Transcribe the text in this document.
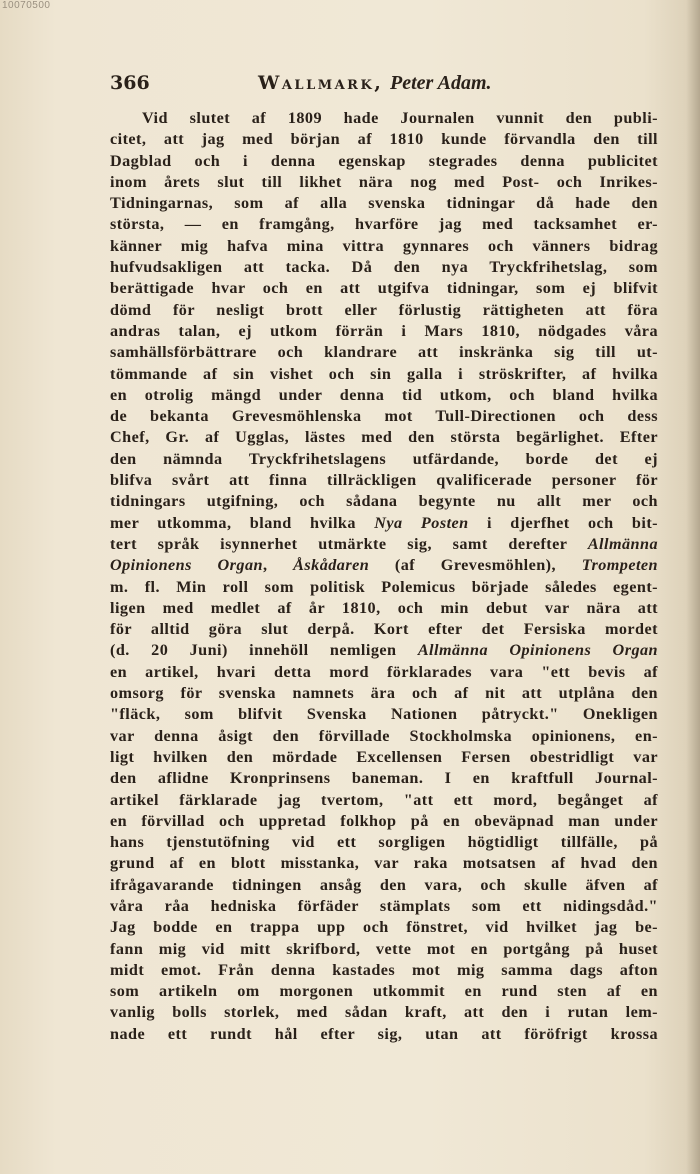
10070500
366	Wallmark, Peter Adam.
Vid slutet af 1809 hade Journalen vunnit den publi-
citet, att jag med början af 1810 kunde förvandla den till
Dagblad och i denna egenskap stegrades denna publicitet
inom årets slut till likhet nära nog med Post- och Inrikes-
Tidningarnas, som af alla svenska tidningar då hade den
största, — en framgång, hvarföre jag med tacksamhet er-
känner mig hafva mina vittra gynnares och vänners bidrag
hufvudsakligen att tacka. Då den nya Tryckfrihetslag, som
berättigade hvar och en att utgifva tidningar, som ej blifvit
dömd för nesligt brott eller förlustig rättigheten att föra
andras talan, ej utkom förrän i Mars 1810, nödgades våra
samhällsförbättrare och klandrare att inskränka sig till ut-
tömmande af sin vishet och sin galla i ströskrifter, af hvilka
en otrolig mängd under denna tid utkom, och bland hvilka
de bekanta Grevesmöhlenska mot Tull-Directionen och dess
Chef, Gr. af Ugglas, lästes med den största begärlighet. Efter
den nämnda Tryckfrihetslagens utfärdande, borde det ej
blifva svårt att finna tillräckligen qvalificerade personer för
tidningars utgifning, och sådana begynte nu allt mer och
mer utkomma, bland hvilka Nya Posten i djerfhet och bit-
tert språk isynnerhet utmärkte sig, samt derefter Allmänna
Opinionens Organ, Åskådaren (af Grevesmöhlen), Trompeten
m. fl. Min roll som politisk Polemicus började således egent-
ligen med medlet af år 1810, och min debut var nära att
för alltid göra slut derpå. Kort efter det Fersiska mordet
(d. 20 Juni) innehöll nemligen Allmänna Opinionens Organ
en artikel, hvari detta mord förklarades vara "ett bevis af
omsorg för svenska namnets ära och af nit att utplåna den
"fläck, som blifvit Svenska Nationen påtryckt." Onekligen
var denna åsigt den förvillade Stockholmska opinionens, en-
ligt hvilken den mördade Excellensen Fersen obestridligt var
den aflidne Kronprinsens baneman. I en kraftfull Journal-
artikel färklarade jag tvertom, "att ett mord, begånget af
en förvillad och uppretad folkhop på en obeväpnad man under
hans tjenstutöfning vid ett sorgligen högtidligt tillfälle, på
grund af en blott misstanka, var raka motsatsen af hvad den
ifrågavarande tidningen ansåg den vara, och skulle äfven af
våra råa hedniska förfäder stämplats som ett nidingsdåd."
Jag bodde en trappa upp och fönstret, vid hvilket jag be-
fann mig vid mitt skrifbord, vette mot en portgång på huset
midt emot. Från denna kastades mot mig samma dags afton
som artikeln om morgonen utkommit en rund sten af en
vanlig bolls storlek, med sådan kraft, att den i rutan lem-
nade ett rundt hål efter sig, utan att föröfrigt krossa
